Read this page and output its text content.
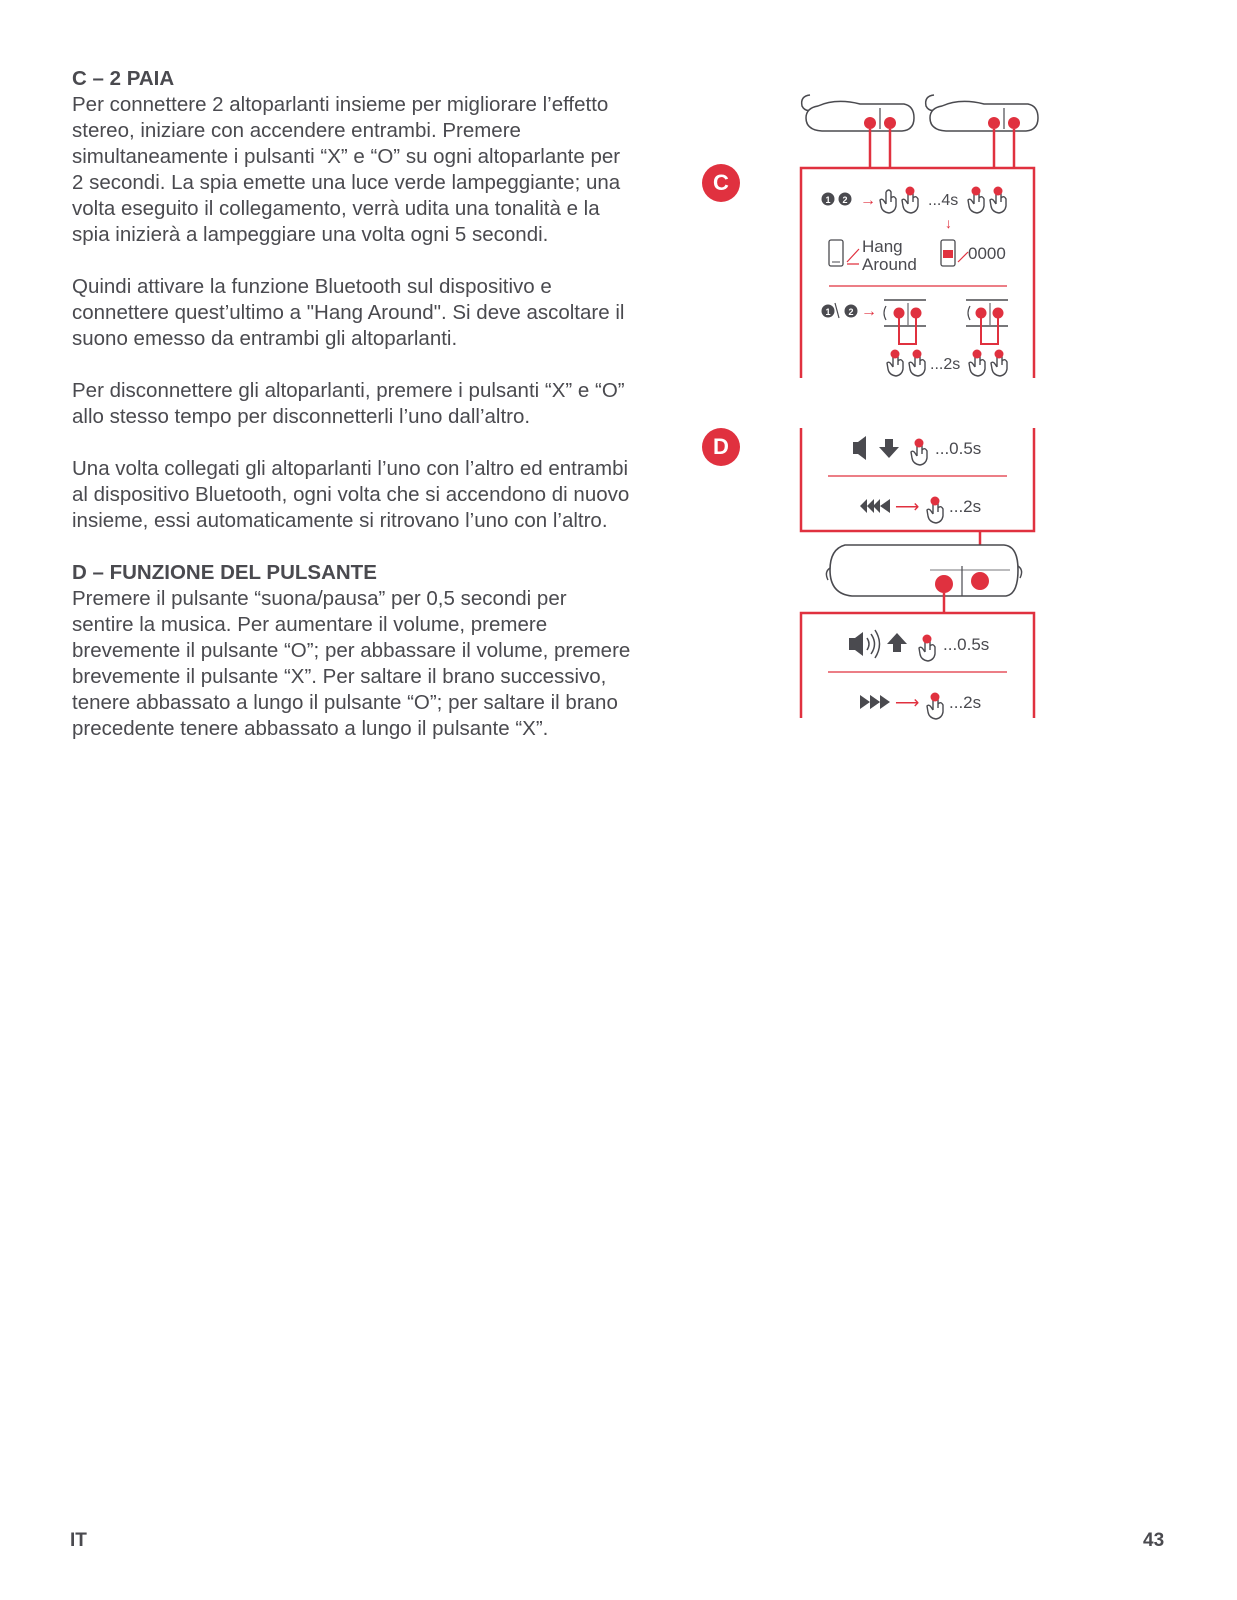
C – 2 PAIA

Per connettere 2 altoparlanti insieme per migliorare l’effetto stereo, iniziare con accendere entrambi. Premere simultaneamente i pulsanti “X” e “O” su ogni altoparlante per 2 secondi. La spia emette una luce verde lampeggiante; una volta eseguito il collegamento, verrà udita una tonalità e la spia inizierà a lampeggiare una volta ogni 5 secondi.

Quindi attivare la funzione Bluetooth sul dispositivo e connettere quest’ultimo a "Hang Around". Si deve ascoltare il suono emesso da entrambi gli altoparlanti.

Per disconnettere gli altoparlanti, premere i pulsanti “X” e “O” allo stesso tempo per disconnetterli l’uno dall’altro.

Una volta collegati gli altoparlanti l’uno con l’altro ed entrambi al dispositivo Bluetooth, ogni volta che si accendono di nuovo insieme, essi automaticamente si ritrovano l’uno con l’altro.

D – FUNZIONE DEL PULSANTE

Premere il pulsante “suona/pausa” per 0,5 secondi per sentire la musica. Per aumentare il volume, premere brevemente il pulsante “O”; per abbassare il volume, premere brevemente il pulsante “X”. Per saltare il brano successivo, tenere abbassato a lungo il pulsante “O”; per saltare il brano precedente tenere abbassato a lungo il pulsante “X”.

C
D
1 2 →	...4s
↓
Hang
Around
0000
1 2 →
...2s
...0.5s
⟶ ...2s
...0.5s
⟶ ...2s
IT	43
